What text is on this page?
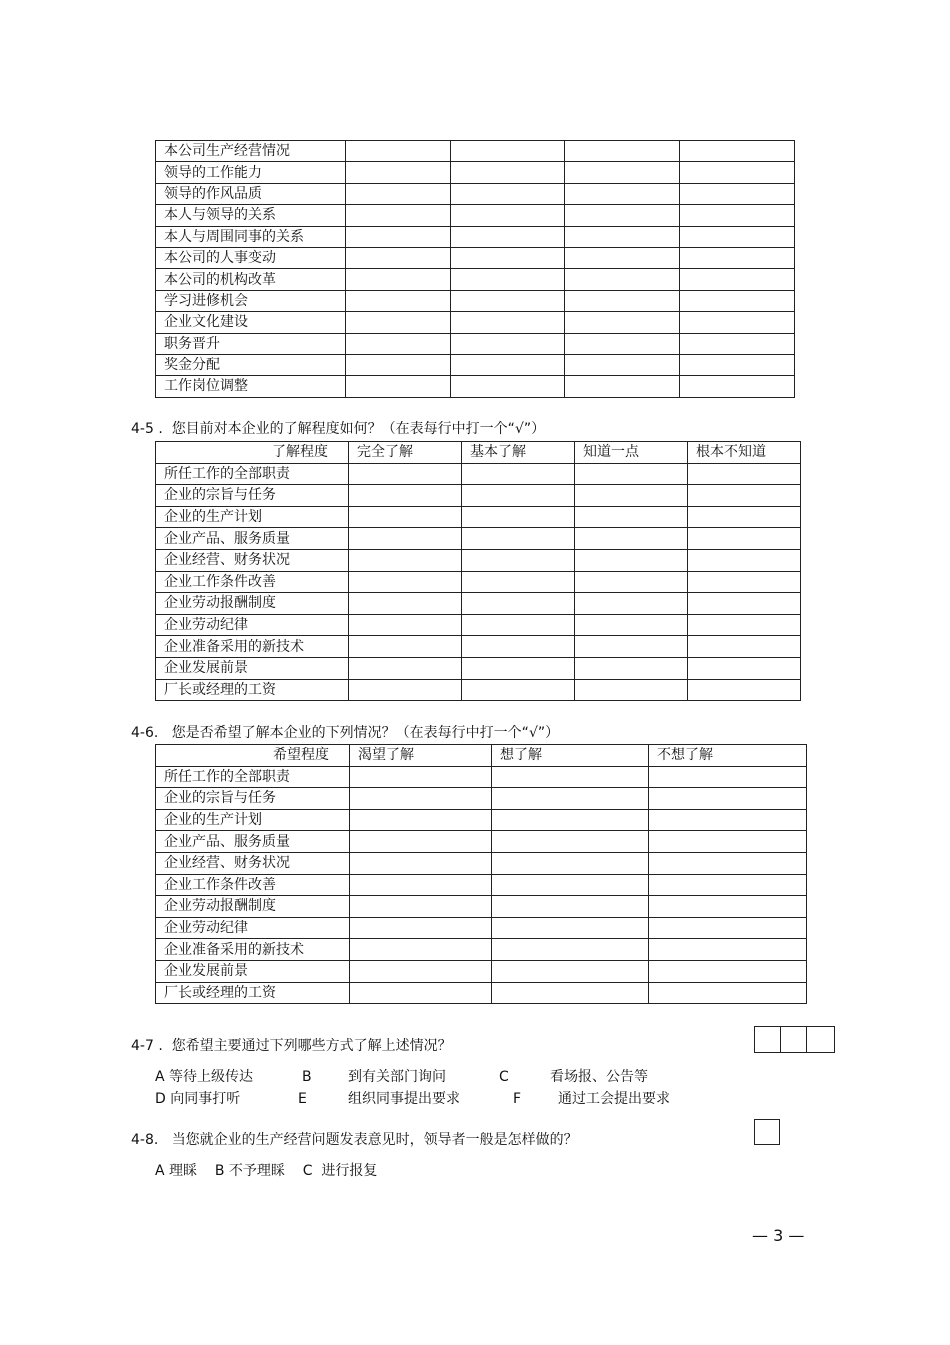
本公司生产经营情况				
领导的工作能力				
领导的作风品质				
本人与领导的关系				
本人与周围同事的关系				
本公司的人事变动				
本公司的机构改革				
学习进修机会				
企业文化建设				
职务晋升				
奖金分配				
工作岗位调整				
4-5 . 您目前对本企业的了解程度如何？（在表每行中打一个“√”）
了解程度	完全了解	基本了解	知道一点	根本不知道
所任工作的全部职责				
企业的宗旨与任务				
企业的生产计划				
企业产品、服务质量				
企业经营、财务状况				
企业工作条件改善				
企业劳动报酬制度				
企业劳动纪律				
企业准备采用的新技术				
企业发展前景				
厂长或经理的工资				
4-6. 您是否希望了解本企业的下列情况？（在表每行中打一个“√”）
希望程度	渴望了解	想了解	不想了解
所任工作的全部职责			
企业的宗旨与任务			
企业的生产计划			
企业产品、服务质量			
企业经营、财务状况			
企业工作条件改善			
企业劳动报酬制度			
企业劳动纪律			
企业准备采用的新技术			
企业发展前景			
厂长或经理的工资			
4-7 . 您希望主要通过下列哪些方式了解上述情况？
A 等待上级传达	B	到有关部门询问	C	看场报、公告等
D 向同事打听	E	组织同事提出要求	F	通过工会提出要求
4-8. 当您就企业的生产经营问题发表意见时，领导者一般是怎样做的？
A 理睬 B 不予理睬 C 进行报复
— 3 —
